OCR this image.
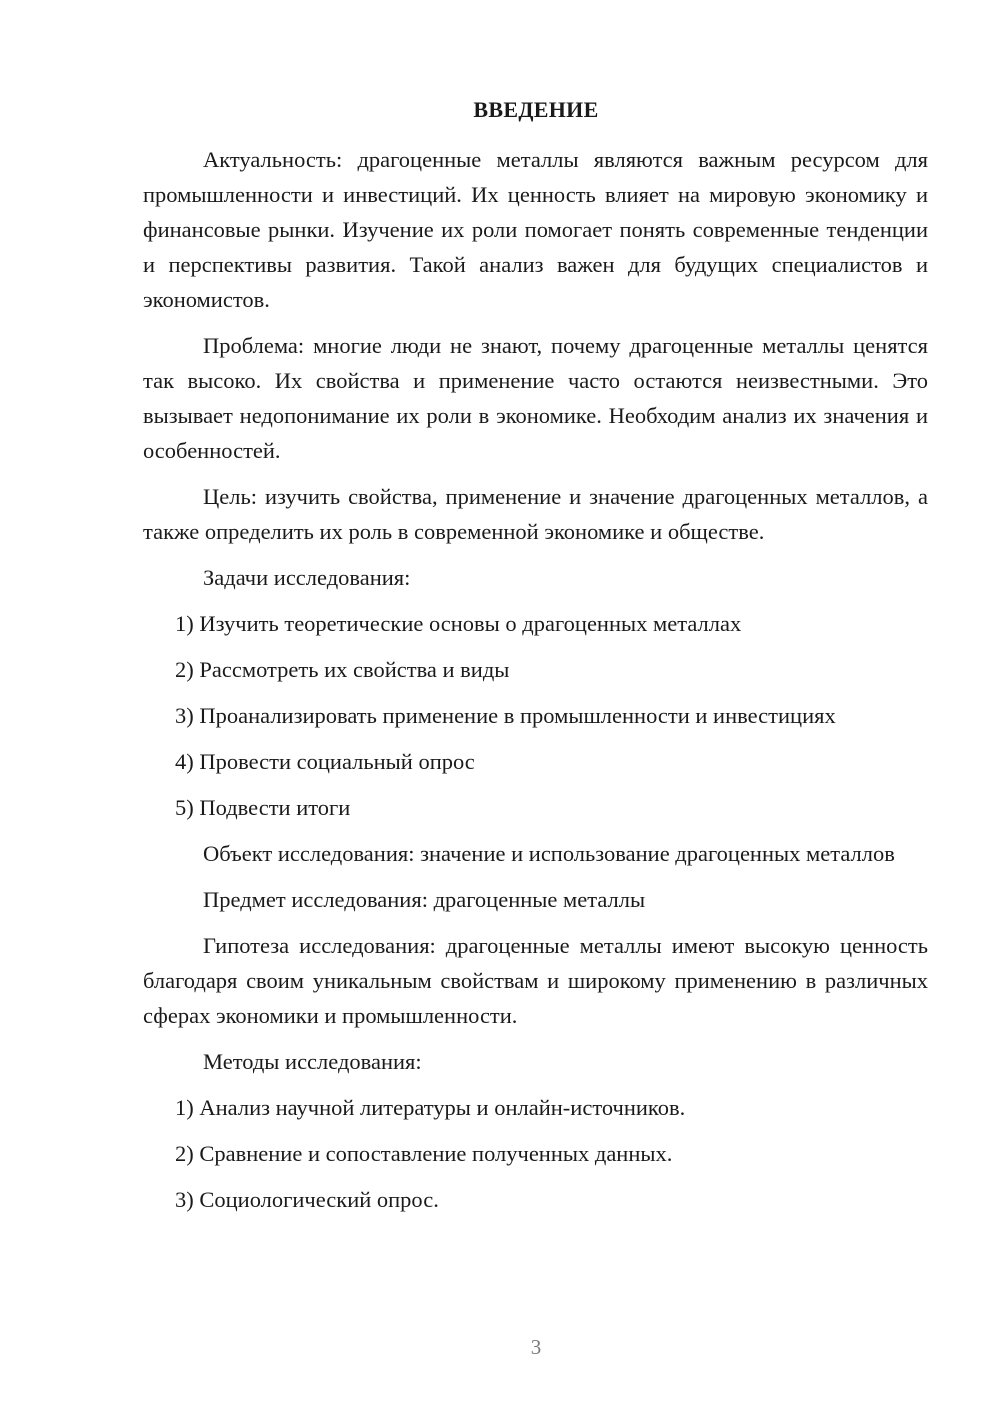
ВВЕДЕНИЕ

Актуальность: драгоценные металлы являются важным ресурсом для промышленности и инвестиций. Их ценность влияет на мировую экономику и финансовые рынки. Изучение их роли помогает понять современные тенденции и перспективы развития. Такой анализ важен для будущих специалистов и экономистов.

Проблема: многие люди не знают, почему драгоценные металлы ценятся так высоко. Их свойства и применение часто остаются неизвестными. Это вызывает недопонимание их роли в экономике. Необходим анализ их значения и особенностей.

Цель: изучить свойства, применение и значение драгоценных металлов, а также определить их роль в современной экономике и обществе.

Задачи исследования:

1) Изучить теоретические основы о драгоценных металлах
2) Рассмотреть их свойства и виды
3) Проанализировать применение в промышленности и инвестициях
4) Провести социальный опрос
5) Подвести итоги

Объект исследования: значение и использование драгоценных металлов

Предмет исследования: драгоценные металлы

Гипотеза исследования: драгоценные металлы имеют высокую ценность благодаря своим уникальным свойствам и широкому применению в различных сферах экономики и промышленности.

Методы исследования:

1) Анализ научной литературы и онлайн-источников.
2) Сравнение и сопоставление полученных данных.
3) Социологический опрос.
3
